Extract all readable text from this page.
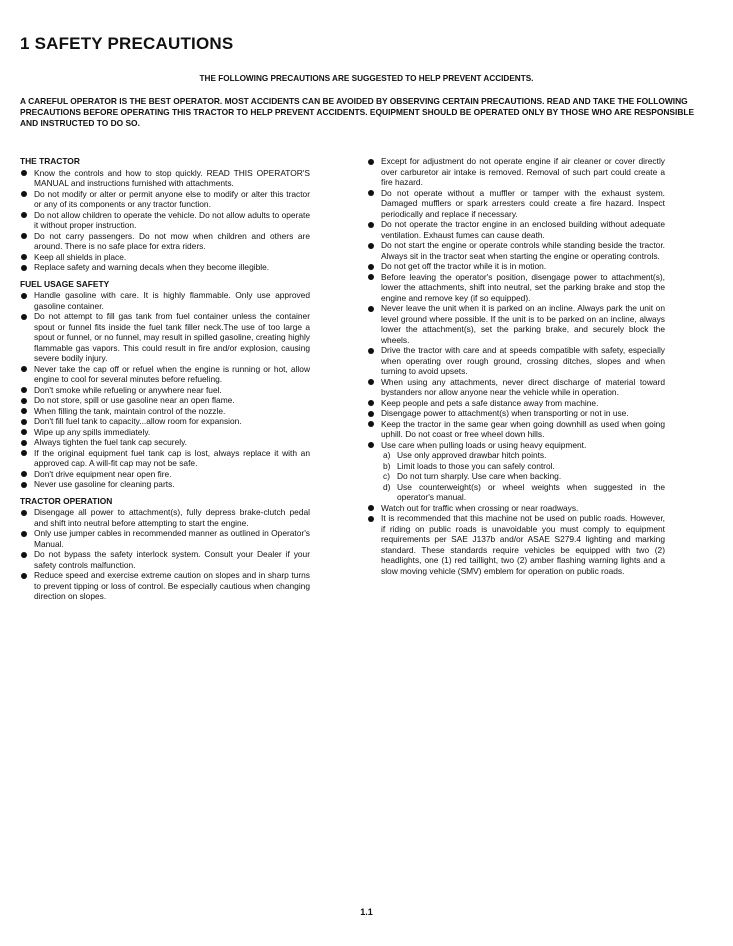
1 SAFETY PRECAUTIONS
THE FOLLOWING PRECAUTIONS ARE SUGGESTED TO HELP PREVENT ACCIDENTS.
A CAREFUL OPERATOR IS THE BEST OPERATOR. MOST ACCIDENTS CAN BE AVOIDED BY OBSERVING CERTAIN PRECAUTIONS. READ AND TAKE THE FOLLOWING PRECAUTIONS BEFORE OPERATING THIS TRACTOR TO HELP PREVENT ACCIDENTS. EQUIPMENT SHOULD BE OPERATED ONLY BY THOSE WHO ARE RESPONSIBLE AND INSTRUCTED TO DO SO.
THE TRACTOR
Know the controls and how to stop quickly. READ THIS OPERATOR'S MANUAL and instructions furnished with attachments.
Do not modify or alter or permit anyone else to modify or alter this tractor or any of its components or any tractor function.
Do not allow children to operate the vehicle. Do not allow adults to operate it without proper instruction.
Do not carry passengers. Do not mow when children and others are around. There is no safe place for extra riders.
Keep all shields in place.
Replace safety and warning decals when they become illegible.
FUEL USAGE SAFETY
Handle gasoline with care. It is highly flammable. Only use approved gasoline container.
Do not attempt to fill gas tank from fuel container unless the container spout or funnel fits inside the fuel tank filler neck.The use of too large a spout or funnel, or no funnel, may result in spilled gasoline, creating highly flammable gas vapors. This could result in fire and/or explosion, causing severe bodily injury.
Never take the cap off or refuel when the engine is running or hot, allow engine to cool for several minutes before refueling.
Don't smoke while refueling or anywhere near fuel.
Do not store, spill or use gasoline near an open flame.
When filling the tank, maintain control of the nozzle.
Don't fill fuel tank to capacity...allow room for expansion.
Wipe up any spills immediately.
Always tighten the fuel tank cap securely.
If the original equipment fuel tank cap is lost, always replace it with an approved cap. A will-fit cap may not be safe.
Don't drive equipment near open fire.
Never use gasoline for cleaning parts.
TRACTOR OPERATION
Disengage all power to attachment(s), fully depress brake-clutch pedal and shift into neutral before attempting to start the engine.
Only use jumper cables in recommended manner as outlined in Operator's Manual.
Do not bypass the safety interlock system. Consult your Dealer if your safety controls malfunction.
Reduce speed and exercise extreme caution on slopes and in sharp turns to prevent tipping or loss of control. Be especially cautious when changing direction on slopes.
Except for adjustment do not operate engine if air cleaner or cover directly over carburetor air intake is removed. Removal of such part could create a fire hazard.
Do not operate without a muffler or tamper with the exhaust system. Damaged mufflers or spark arresters could create a fire hazard. Inspect periodically and replace if necessary.
Do not operate the tractor engine in an enclosed building without adequate ventilation. Exhaust fumes can cause death.
Do not start the engine or operate controls while standing beside the tractor. Always sit in the tractor seat when starting the engine or operating controls.
Do not get off the tractor while it is in motion.
Before leaving the operator's position, disengage power to attachment(s), lower the attachments, shift into neutral, set the parking brake and stop the engine and remove key (if so equipped).
Never leave the unit when it is parked on an incline. Always park the unit on level ground where possible. If the unit is to be parked on an incline, always lower the attachment(s), set the parking brake, and securely block the wheels.
Drive the tractor with care and at speeds compatible with safety, especially when operating over rough ground, crossing ditches, slopes and when turning to avoid upsets.
When using any attachments, never direct discharge of material toward bystanders nor allow anyone near the vehicle while in operation.
Keep people and pets a safe distance away from machine.
Disengage power to attachment(s) when transporting or not in use.
Keep the tractor in the same gear when going downhill as used when going uphill. Do not coast or free wheel down hills.
Use care when pulling loads or using heavy equipment.
a) Use only approved drawbar hitch points.
b) Limit loads to those you can safely control.
c) Do not turn sharply. Use care when backing.
d) Use counterweight(s) or wheel weights when suggested in the operator's manual.
Watch out for traffic when crossing or near roadways.
It is recommended that this machine not be used on public roads. However, if riding on public roads is unavoidable you must comply to equipment requirements per SAE J137b and/or ASAE S279.4 lighting and marking standard. These standards require vehicles be equipped with two (2) headlights, one (1) red taillight, two (2) amber flashing warning lights and a slow moving vehicle (SMV) emblem for operation on public roads.
1.1
